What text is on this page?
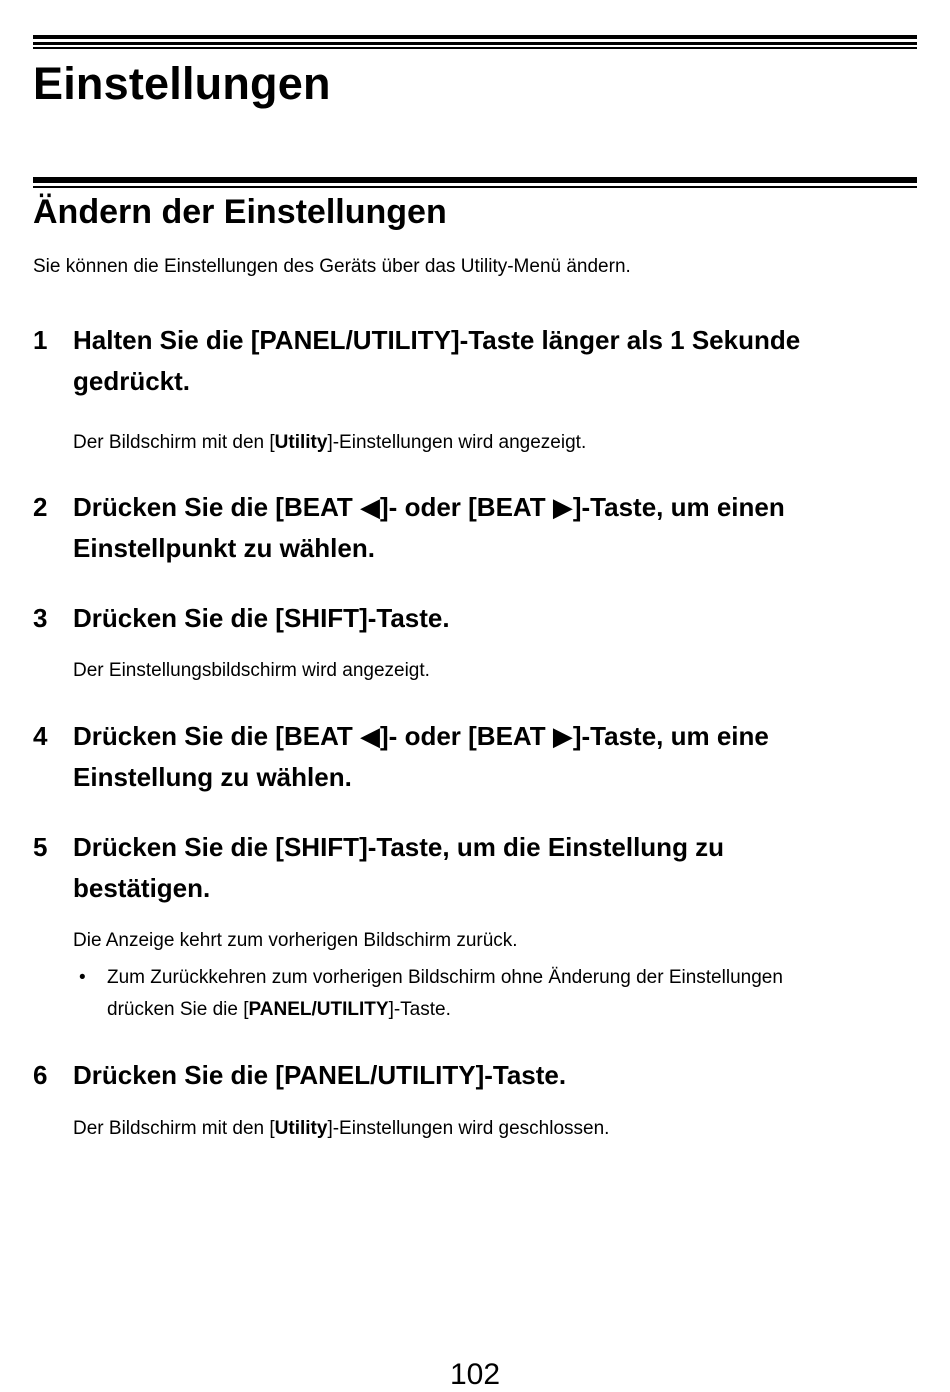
Einstellungen
Ändern der Einstellungen
Sie können die Einstellungen des Geräts über das Utility-Menü ändern.
1 Halten Sie die [PANEL/UTILITY]-Taste länger als 1 Sekunde
gedrückt.
Der Bildschirm mit den [Utility]-Einstellungen wird angezeigt.
2 Drücken Sie die [BEAT ◀]- oder [BEAT ▶]-Taste, um einen
Einstellpunkt zu wählen.
3 Drücken Sie die [SHIFT]-Taste.
Der Einstellungsbildschirm wird angezeigt.
4 Drücken Sie die [BEAT ◀]- oder [BEAT ▶]-Taste, um eine
Einstellung zu wählen.
5 Drücken Sie die [SHIFT]-Taste, um die Einstellung zu
bestätigen.
Die Anzeige kehrt zum vorherigen Bildschirm zurück.
• Zum Zurückkehren zum vorherigen Bildschirm ohne Änderung der Einstellungen
drücken Sie die [PANEL/UTILITY]-Taste.
6 Drücken Sie die [PANEL/UTILITY]-Taste.
Der Bildschirm mit den [Utility]-Einstellungen wird geschlossen.
102
